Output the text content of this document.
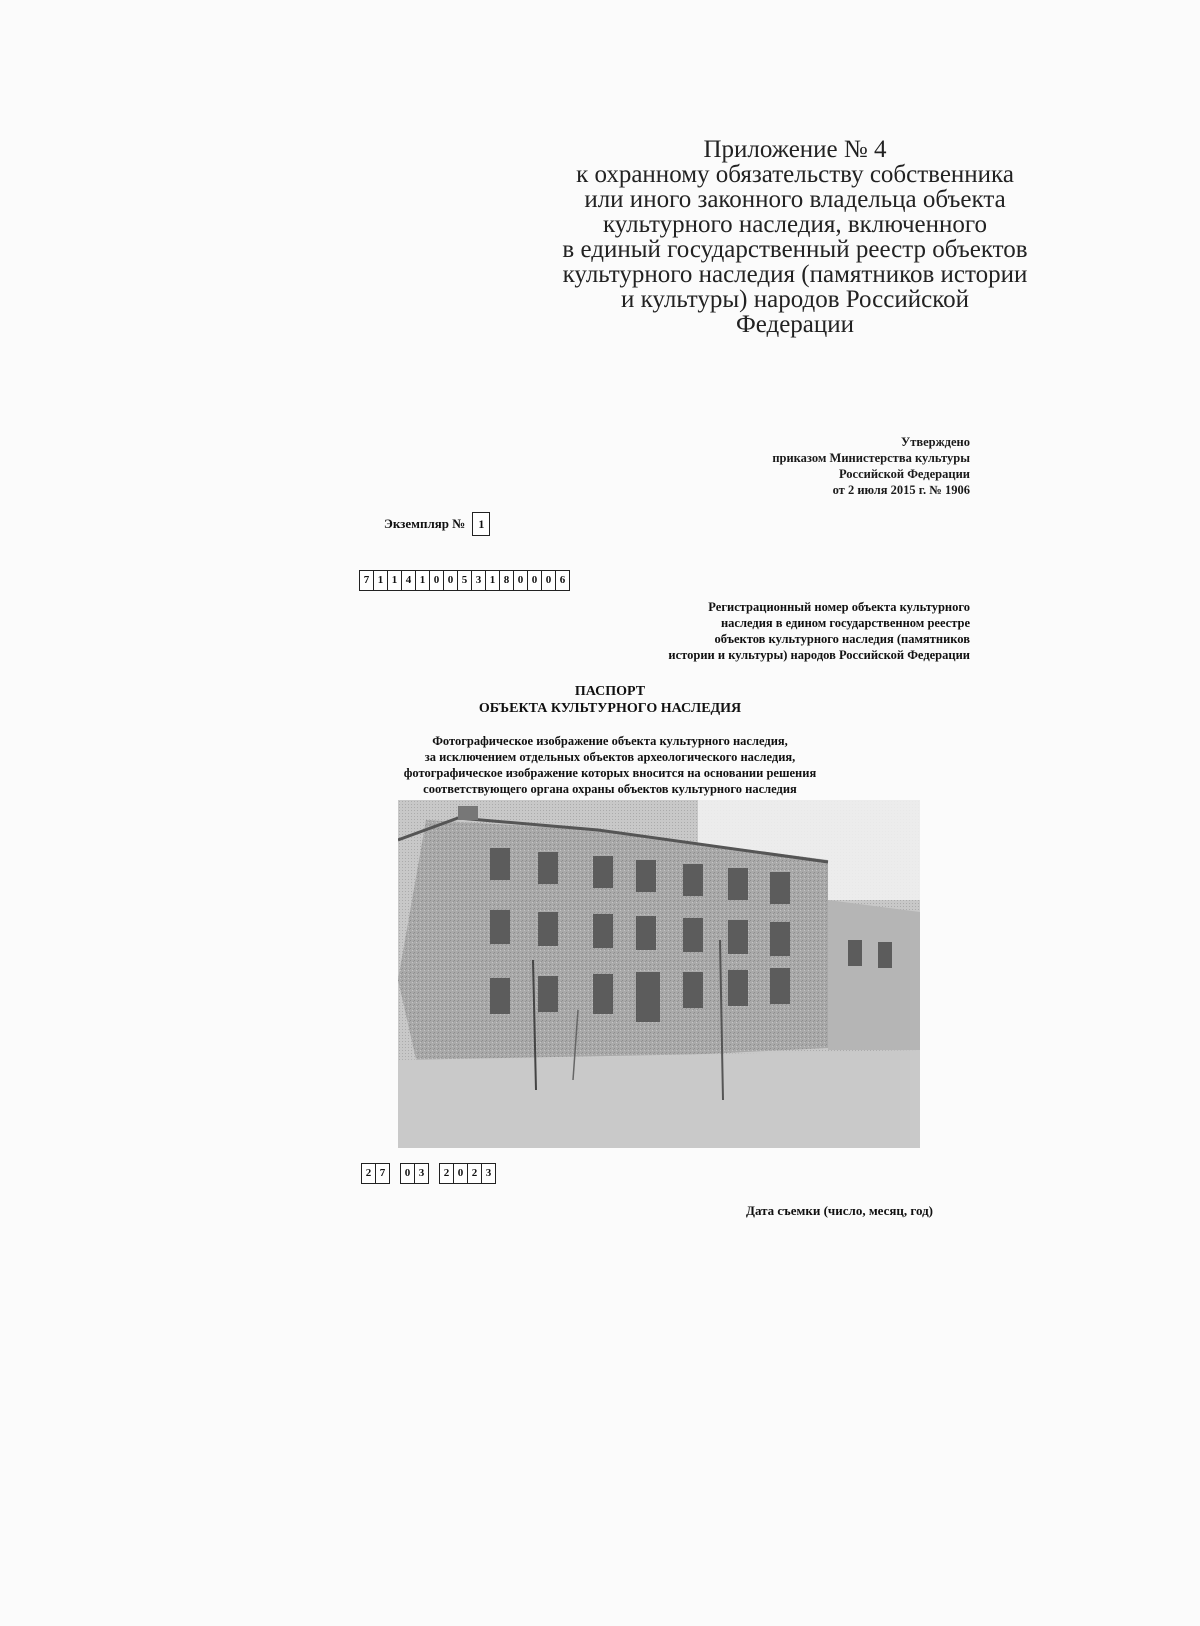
Приложение № 4
к охранному обязательству собственника
или иного законного владельца объекта
культурного наследия, включенного
в единый государственный реестр объектов
культурного наследия (памятников истории
и культуры) народов Российской
Федерации
Утверждено
приказом Министерства культуры
Российской Федерации
от 2 июля 2015 г. № 1906
Экземпляр №	1
7 1 1 4 1 0 0 5 3 1 8 0 0 0 6
Регистрационный номер объекта культурного
наследия в едином государственном реестре
объектов культурного наследия (памятников
истории и культуры) народов Российской Федерации
ПАСПОРТ
ОБЪЕКТА КУЛЬТУРНОГО НАСЛЕДИЯ
Фотографическое изображение объекта культурного наследия,
за исключением отдельных объектов археологического наследия,
фотографическое изображение которых вносится на основании решения
соответствующего органа охраны объектов культурного наследия
2 7	0 3	2 0 2 3
Дата съемки (число, месяц, год)
